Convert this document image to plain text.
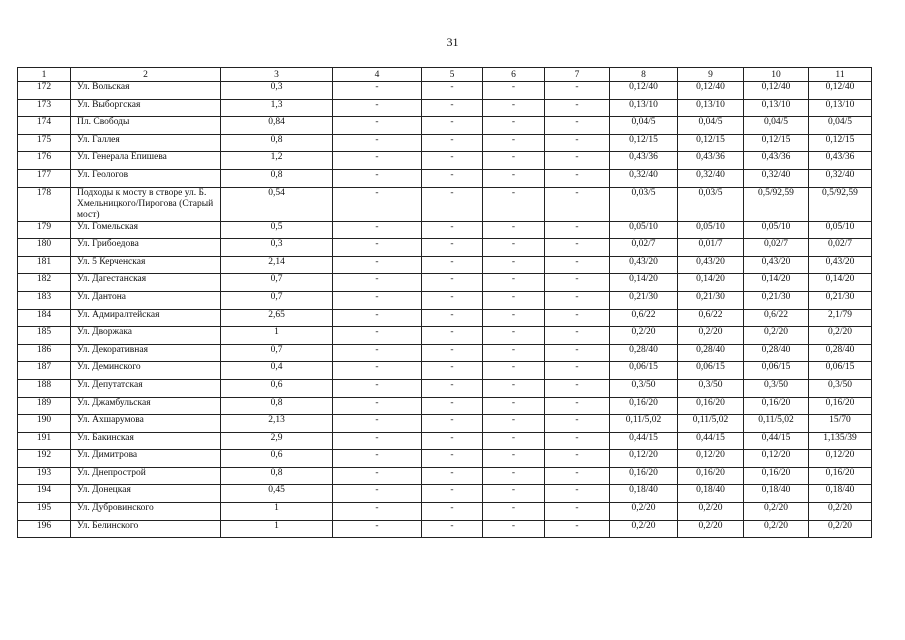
31
1	2	3	4	5	6	7	8	9	10	11
172	Ул. Вольская	0,3	-	-	-	-	0,12/40	0,12/40	0,12/40	0,12/40
173	Ул. Выборгская	1,3	-	-	-	-	0,13/10	0,13/10	0,13/10	0,13/10
174	Пл. Свободы	0,84	-	-	-	-	0,04/5	0,04/5	0,04/5	0,04/5
175	Ул. Галлея	0,8	-	-	-	-	0,12/15	0,12/15	0,12/15	0,12/15
176	Ул. Генерала Епишева	1,2	-	-	-	-	0,43/36	0,43/36	0,43/36	0,43/36
177	Ул. Геологов	0,8	-	-	-	-	0,32/40	0,32/40	0,32/40	0,32/40
178	Подходы к мосту в створе ул. Б. Хмельницкого/Пирогова (Старый мост)	0,54	-	-	-	-	0,03/5	0,03/5	0,5/92,59	0,5/92,59
179	Ул. Гомельская	0,5	-	-	-	-	0,05/10	0,05/10	0,05/10	0,05/10
180	Ул. Грибоедова	0,3	-	-	-	-	0,02/7	0,01/7	0,02/7	0,02/7
181	Ул. 5 Керченская	2,14	-	-	-	-	0,43/20	0,43/20	0,43/20	0,43/20
182	Ул. Дагестанская	0,7	-	-	-	-	0,14/20	0,14/20	0,14/20	0,14/20
183	Ул. Дантона	0,7	-	-	-	-	0,21/30	0,21/30	0,21/30	0,21/30
184	Ул. Адмиралтейская	2,65	-	-	-	-	0,6/22	0,6/22	0,6/22	2,1/79
185	Ул. Дворжака	1	-	-	-	-	0,2/20	0,2/20	0,2/20	0,2/20
186	Ул. Декоративная	0,7	-	-	-	-	0,28/40	0,28/40	0,28/40	0,28/40
187	Ул. Деминского	0,4	-	-	-	-	0,06/15	0,06/15	0,06/15	0,06/15
188	Ул. Депутатская	0,6	-	-	-	-	0,3/50	0,3/50	0,3/50	0,3/50
189	Ул. Джамбульская	0,8	-	-	-	-	0,16/20	0,16/20	0,16/20	0,16/20
190	Ул. Ахшарумова	2,13	-	-	-	-	0,11/5,02	0,11/5,02	0,11/5,02	15/70
191	Ул. Бакинская	2,9	-	-	-	-	0,44/15	0,44/15	0,44/15	1,135/39
192	Ул. Димитрова	0,6	-	-	-	-	0,12/20	0,12/20	0,12/20	0,12/20
193	Ул. Днепрострой	0,8	-	-	-	-	0,16/20	0,16/20	0,16/20	0,16/20
194	Ул. Донецкая	0,45	-	-	-	-	0,18/40	0,18/40	0,18/40	0,18/40
195	Ул. Дубровинского	1	-	-	-	-	0,2/20	0,2/20	0,2/20	0,2/20
196	Ул. Белинского	1	-	-	-	-	0,2/20	0,2/20	0,2/20	0,2/20
